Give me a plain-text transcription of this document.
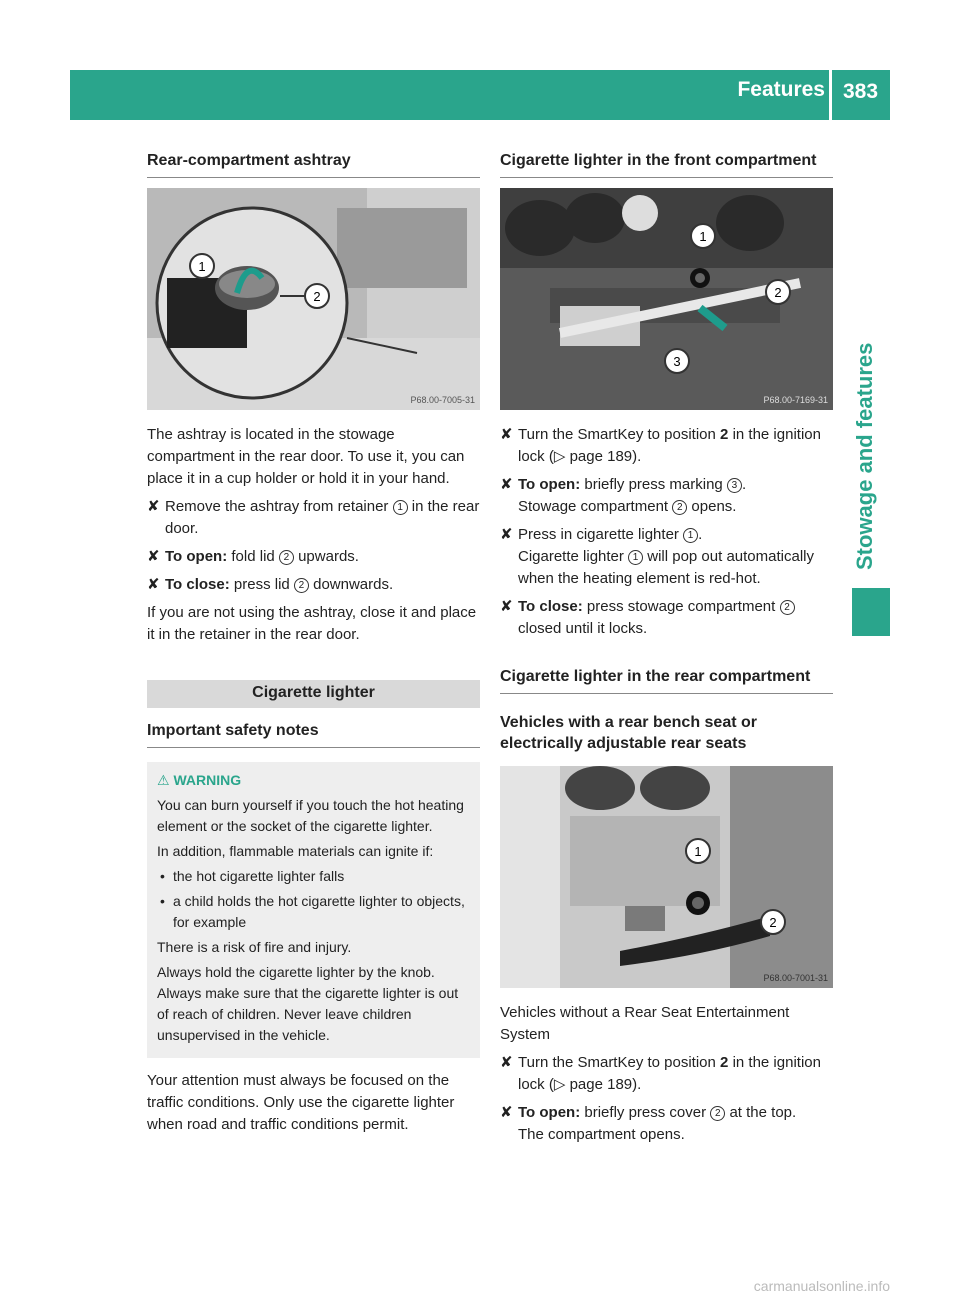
Features 383
Stowage and features
Rear-compartment ashtray
1
2
P68.00-7005-31

The ashtray is located in the stowage compartment in the rear door. To use it, you can place it in a cup holder or hold it in your hand.

✘ Remove the ashtray from retainer 1 in the rear door.
✘ To open: fold lid 2 upwards.
✘ To close: press lid 2 downwards.

If you are not using the ashtray, close it and place it in the retainer in the rear door.

Cigarette lighter
Important safety notes
⚠ WARNING

You can burn yourself if you touch the hot heating element or the socket of the cigarette lighter.

In addition, flammable materials can ignite if:

• the hot cigarette lighter falls
• a child holds the hot cigarette lighter to objects, for example

There is a risk of fire and injury.

Always hold the cigarette lighter by the knob. Always make sure that the cigarette lighter is out of reach of children. Never leave children unsupervised in the vehicle.

Your attention must always be focused on the traffic conditions. Only use the cigarette lighter when road and traffic conditions permit.

Cigarette lighter in the front compartment
1
2
3
P68.00-7169-31
✘ Turn the SmartKey to position 2 in the ignition lock (▷ page 189).
✘ To open: briefly press marking 3 .
Stowage compartment 2 opens.
✘ Press in cigarette lighter 1 .
Cigarette lighter 1 will pop out automatically when the heating element is red-hot.
✘ To close: press stowage compartment 2 closed until it locks.
Cigarette lighter in the rear compartment
Vehicles with a rear bench seat or electrically adjustable rear seats
1
2
P68.00-7001-31

Vehicles without a Rear Seat Entertainment System

✘ Turn the SmartKey to position 2 in the ignition lock (▷ page 189).
✘ To open: briefly press cover 2 at the top.
The compartment opens.
carmanualsonline.info
